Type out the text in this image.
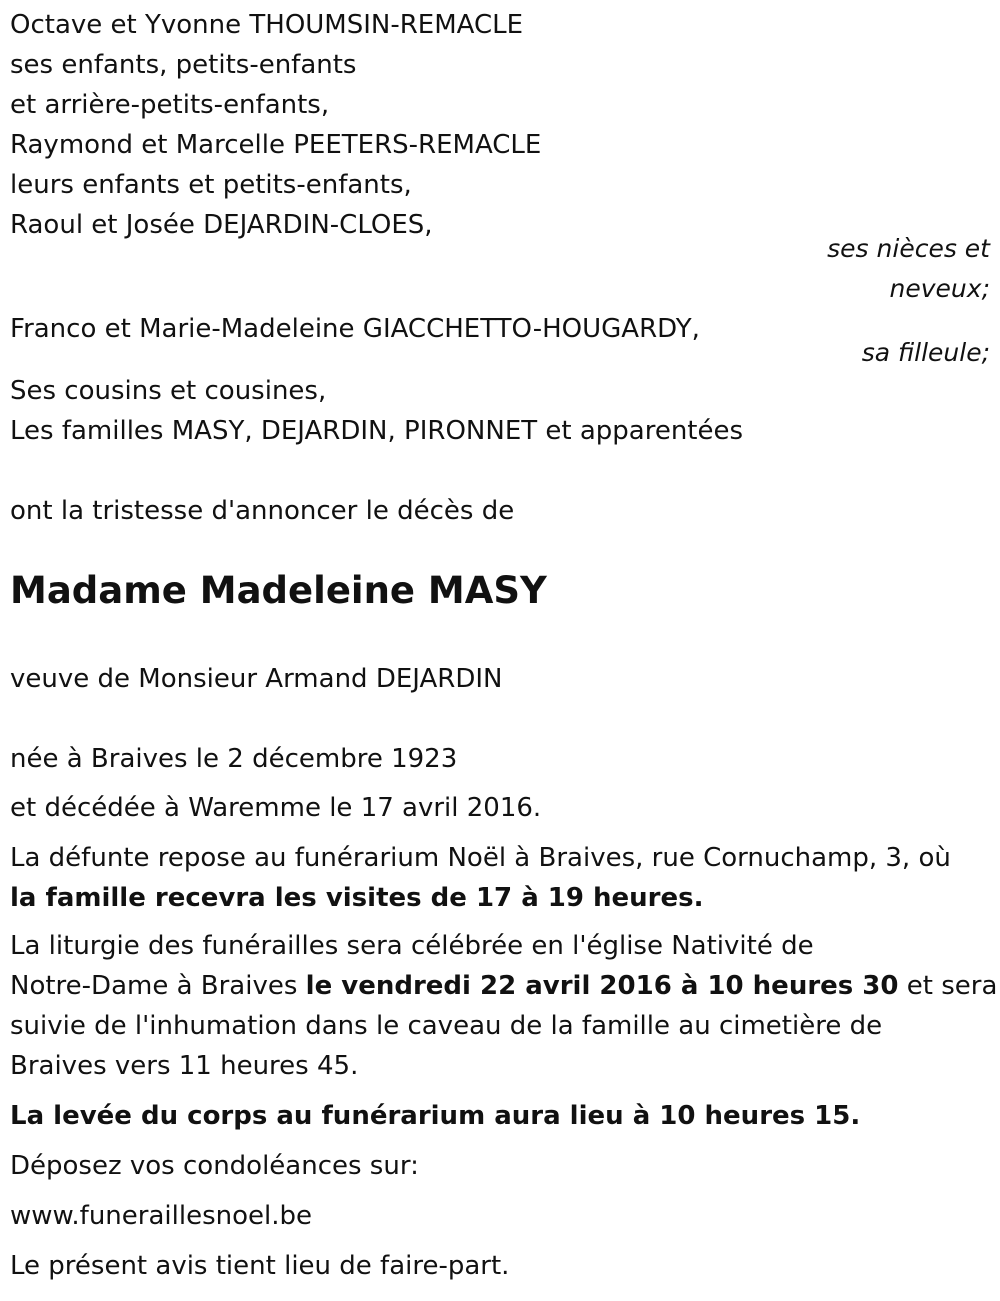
Octave et Yvonne THOUMSIN-REMACLE
ses enfants, petits-enfants
et arrière-petits-enfants,
Raymond et Marcelle PEETERS-REMACLE
leurs enfants et petits-enfants,
Raoul et Josée DEJARDIN-CLOES,
ses nièces et
neveux;
Franco et Marie-Madeleine GIACCHETTO-HOUGARDY,
sa filleule;
Ses cousins et cousines,
Les familles MASY, DEJARDIN, PIRONNET et apparentées
ont la tristesse d'annoncer le décès de
Madame Madeleine MASY
veuve de Monsieur Armand DEJARDIN
née à Braives le 2 décembre 1923
et décédée à Waremme le 17 avril 2016.
La défunte repose au funérarium Noël à Braives, rue Cornuchamp, 3, où
la famille recevra les visites de 17 à 19 heures.
La liturgie des funérailles sera célébrée en l'église Nativité de
Notre-Dame à Braives le vendredi 22 avril 2016 à 10 heures 30 et sera
suivie de l'inhumation dans le caveau de la famille au cimetière de
Braives vers 11 heures 45.
La levée du corps au funérarium aura lieu à 10 heures 15.
Déposez vos condoléances sur:
www.funeraillesnoel.be
Le présent avis tient lieu de faire-part.
